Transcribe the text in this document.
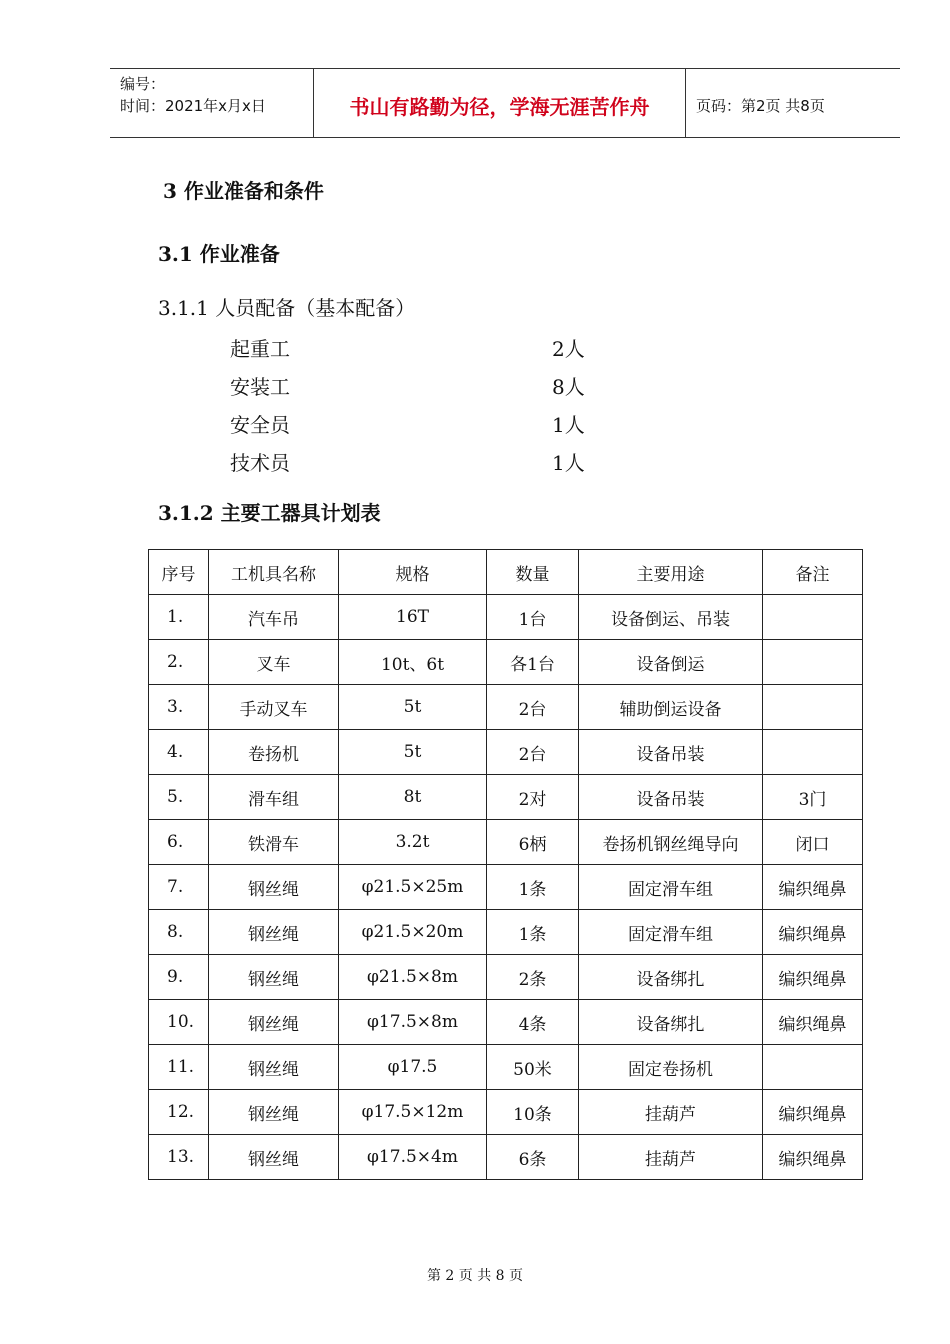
编号：
时间：2021年x月x日	书山有路勤为径，学海无涯苦作舟	页码：第2页 共8页
3 作业准备和条件
3.1 作业准备
3.1.1 人员配备（基本配备）
起重工	2人
安装工	8人
安全员	1人
技术员	1人
3.1.2 主要工器具计划表
序号	工机具名称	规格	数量	主要用途	备注
1.	汽车吊	16T	1台	设备倒运、吊装	
2.	叉车	10t、6t	各1台	设备倒运	
3.	手动叉车	5t	2台	辅助倒运设备	
4.	卷扬机	5t	2台	设备吊装	
5.	滑车组	8t	2对	设备吊装	3门
6.	铁滑车	3.2t	6柄	卷扬机钢丝绳导向	闭口
7.	钢丝绳	φ21.5×25m	1条	固定滑车组	编织绳鼻
8.	钢丝绳	φ21.5×20m	1条	固定滑车组	编织绳鼻
9.	钢丝绳	φ21.5×8m	2条	设备绑扎	编织绳鼻
10.	钢丝绳	φ17.5×8m	4条	设备绑扎	编织绳鼻
11.	钢丝绳	φ17.5	50米	固定卷扬机	
12.	钢丝绳	φ17.5×12m	10条	挂葫芦	编织绳鼻
13.	钢丝绳	φ17.5×4m	6条	挂葫芦	编织绳鼻
第 2 页 共 8 页
